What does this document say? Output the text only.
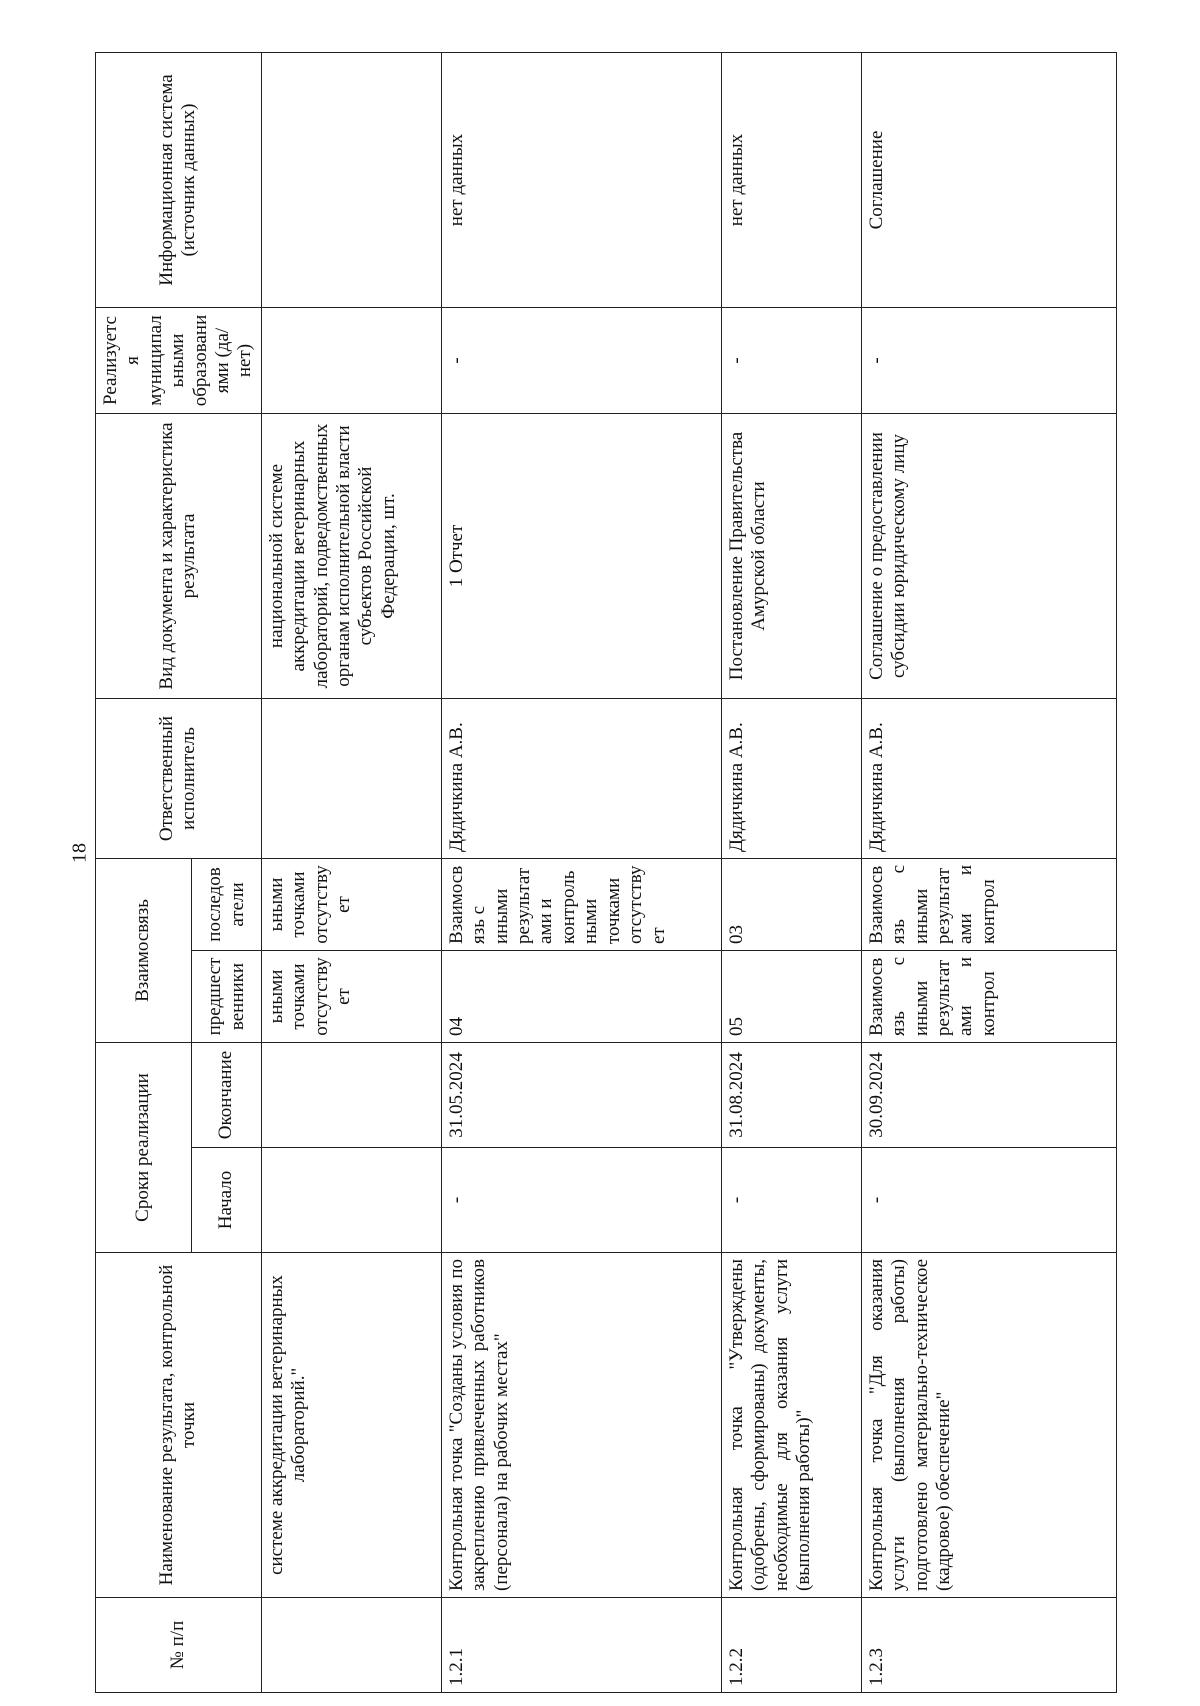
18
№ п/п	Наименование результата, контрольной точки	Сроки реализации		Взаимосвязь		Ответственный исполнитель	Вид документа и характеристика результата	Реализуется муниципальными образованиями (да/нет)	Информационная система (источник данных)
		Начало	Окончание	предшественники	последователи				
	системе аккредитации ветеринарных лабораторий."			ьными точками отсутствует	ьными точками отсутствует		национальной системе аккредитации ветеринарных лабораторий, подведомственных органам исполнительной власти субъектов Российской Федерации, шт.		
1.2.1	Контрольная точка "Созданы условия по закреплению привлеченных работников (персонала) на рабочих местах"	-	31.05.2024	04	Взаимосвязь с иными результатами и контрольными точками отсутствует	Дядичкина А.В.	1 Отчет	-	нет данных
1.2.2	Контрольная точка "Утверждены (одобрены, сформированы) документы, необходимые для оказания услуги (выполнения работы)"	-	31.08.2024	05	03	Дядичкина А.В.	Постановление Правительства Амурской области	-	нет данных
1.2.3	Контрольная точка "Для оказания услуги (выполнения работы) подготовлено материально-техническое (кадровое) обеспечение"	-	30.09.2024	Взаимосвязь с иными результатами и контрол	Взаимосвязь с иными результатами и контрол	Дядичкина А.В.	Соглашение о предоставлении субсидии юридическому лицу	-	Соглашение
